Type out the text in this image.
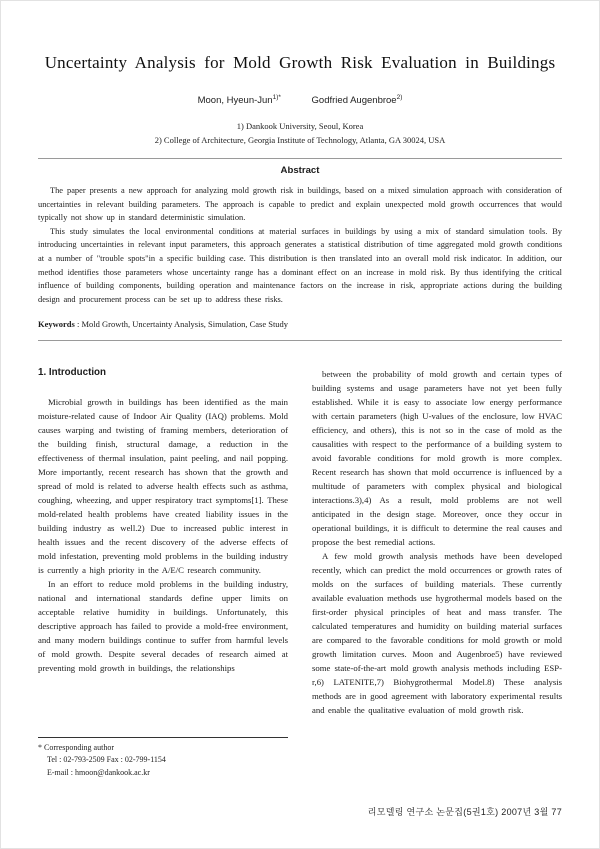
Uncertainty Analysis for Mold Growth Risk Evaluation in Buildings
Moon, Hyeun-Jun$^{1)*}$	Godfried Augenbroe$^{2)}$
1) Dankook University, Seoul, Korea
2) College of Architecture, Georgia Institute of Technology, Atlanta, GA 30024, USA
Abstract

The paper presents a new approach for analyzing mold growth risk in buildings, based on a mixed simulation approach with consideration of uncertainties in relevant building parameters. The approach is capable to predict and explain unexpected mold growth occurrences that would typically not show up in standard deterministic simulation.

This study simulates the local environmental conditions at material surfaces in buildings by using a mix of standard simulation tools. By introducing uncertainties in relevant input parameters, this approach generates a statistical distribution of time aggregated mold growth conditions at a number of "trouble spots"in a specific building case. This distribution is then translated into an overall mold risk indicator. In addition, our method identifies those parameters whose uncertainty range has a dominant effect on an increase in mold risk. By thus identifying the critical influence of building components, building operation and maintenance factors on the increase in risk, appropriate actions during the building design and procurement process can be set up to address these risks.

Keywords : Mold Growth, Uncertainty Analysis, Simulation, Case Study
1. Introduction

Microbial growth in buildings has been identified as the main moisture-related cause of Indoor Air Quality (IAQ) problems. Mold causes warping and twisting of framing members, deterioration of the building finish, structural damage, a reduction in the effectiveness of thermal insulation, paint peeling, and nail popping. More importantly, recent research has shown that the growth and spread of mold is related to adverse health effects such as asthma, coughing, wheezing, and upper respiratory tract symptoms[1]. These mold-related health problems have created liability issues in the building industry as well.2) Due to increased public interest in health issues and the recent discovery of the adverse effects of mold infestation, preventing mold problems in the building industry is currently a high priority in the A/E/C research community.

In an effort to reduce mold problems in the building industry, national and international standards define upper limits on acceptable relative humidity in buildings. Unfortunately, this descriptive approach has failed to provide a mold-free environment, and many modern buildings continue to suffer from harmful levels of mold growth. Despite several decades of research aimed at preventing mold growth in buildings, the relationships

* Corresponding author
Tel : 02-793-2509 Fax : 02-799-1154
E-mail : hmoon@dankook.ac.kr

between the probability of mold growth and certain types of building systems and usage parameters have not yet been fully established. While it is easy to associate low energy performance with certain parameters (high U-values of the enclosure, low HVAC efficiency, and others), this is not so in the case of mold as the causalities with respect to the performance of a building system to avoid favorable conditions for mold growth is more complex. Recent research has shown that mold occurrence is influenced by a multitude of parameters with complex physical and biological interactions.3),4) As a result, mold problems are not well anticipated in the design stage. Moreover, once they occur in operational buildings, it is difficult to determine the real causes and propose the best remedial actions.

A few mold growth analysis methods have been developed recently, which can predict the mold occurrences or growth rates of molds on the surfaces of building materials. These currently available evaluation methods use hygrothermal models based on the first-order physical principles of heat and mass transfer. The calculated temperatures and humidity on building material surfaces are compared to the favorable conditions for mold growth or mold growth limitation curves. Moon and Augenbroe5) have reviewed some state-of-the-art mold growth analysis methods including ESP-r,6) LATENITE,7) Biohygrothermal Model.8) These analysis methods are in good agreement with laboratory experimental results and enable the qualitative evaluation of mold growth risk.

리모델링 연구소 논문집(5권1호) 2007년 3월 77
